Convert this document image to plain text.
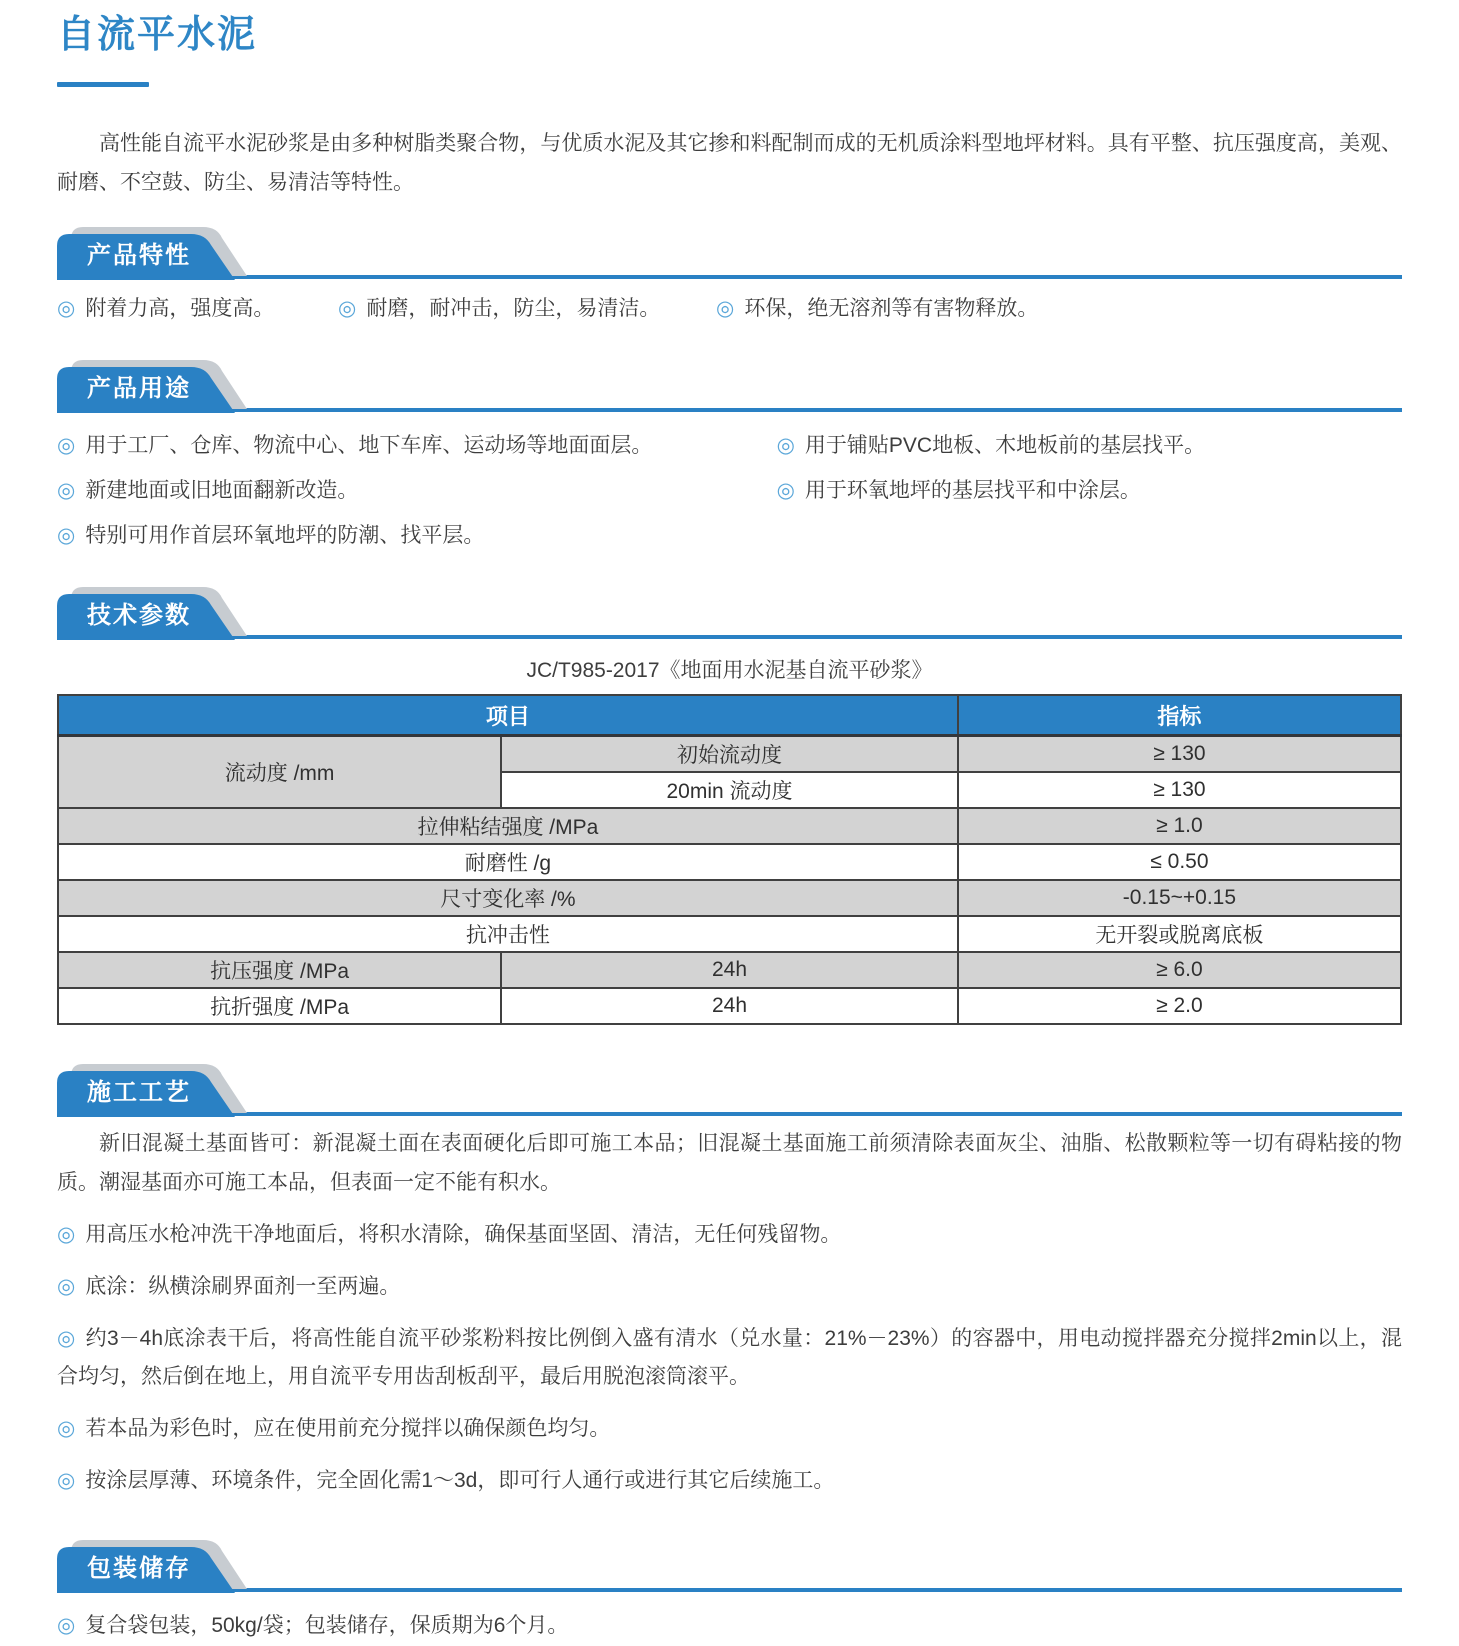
自流平水泥

高性能自流平水泥砂浆是由多种树脂类聚合物，与优质水泥及其它掺和料配制而成的无机质涂料型地坪材料。具有平整、抗压强度高，美观、耐磨、不空鼓、防尘、易清洁等特性。

产品特性

◎ 附着力高，强度高。	◎ 耐磨，耐冲击，防尘，易清洁。	◎ 环保，绝无溶剂等有害物释放。

产品用途

◎ 用于工厂、仓库、物流中心、地下车库、运动场等地面面层。

◎ 新建地面或旧地面翻新改造。

◎ 特别可用作首层环氧地坪的防潮、找平层。

◎ 用于铺贴PVC地板、木地板前的基层找平。

◎ 用于环氧地坪的基层找平和中涂层。

技术参数

JC/T985-2017《地面用水泥基自流平砂浆》

项目		指标
流动度 /mm	初始流动度	≥ 130
	20min 流动度	≥ 130
拉伸粘结强度 /MPa		≥ 1.0
耐磨性 /g		≤ 0.50
尺寸变化率 /%		-0.15~+0.15
抗冲击性		无开裂或脱离底板
抗压强度 /MPa	24h	≥ 6.0
抗折强度 /MPa	24h	≥ 2.0
施工工艺

新旧混凝土基面皆可：新混凝土面在表面硬化后即可施工本品；旧混凝土基面施工前须清除表面灰尘、油脂、松散颗粒等一切有碍粘接的物质。潮湿基面亦可施工本品，但表面一定不能有积水。

◎ 用高压水枪冲洗干净地面后，将积水清除，确保基面坚固、清洁，无任何残留物。

◎ 底涂：纵横涂刷界面剂一至两遍。

◎ 约3－4h底涂表干后，将高性能自流平砂浆粉料按比例倒入盛有清水（兑水量：21%－23%）的容器中，用电动搅拌器充分搅拌2min以上，混合均匀，然后倒在地上，用自流平专用齿刮板刮平，最后用脱泡滚筒滚平。

◎ 若本品为彩色时，应在使用前充分搅拌以确保颜色均匀。

◎ 按涂层厚薄、环境条件，完全固化需1～3d，即可行人通行或进行其它后续施工。

包装储存

◎ 复合袋包装，50kg/袋；包装储存，保质期为6个月。
